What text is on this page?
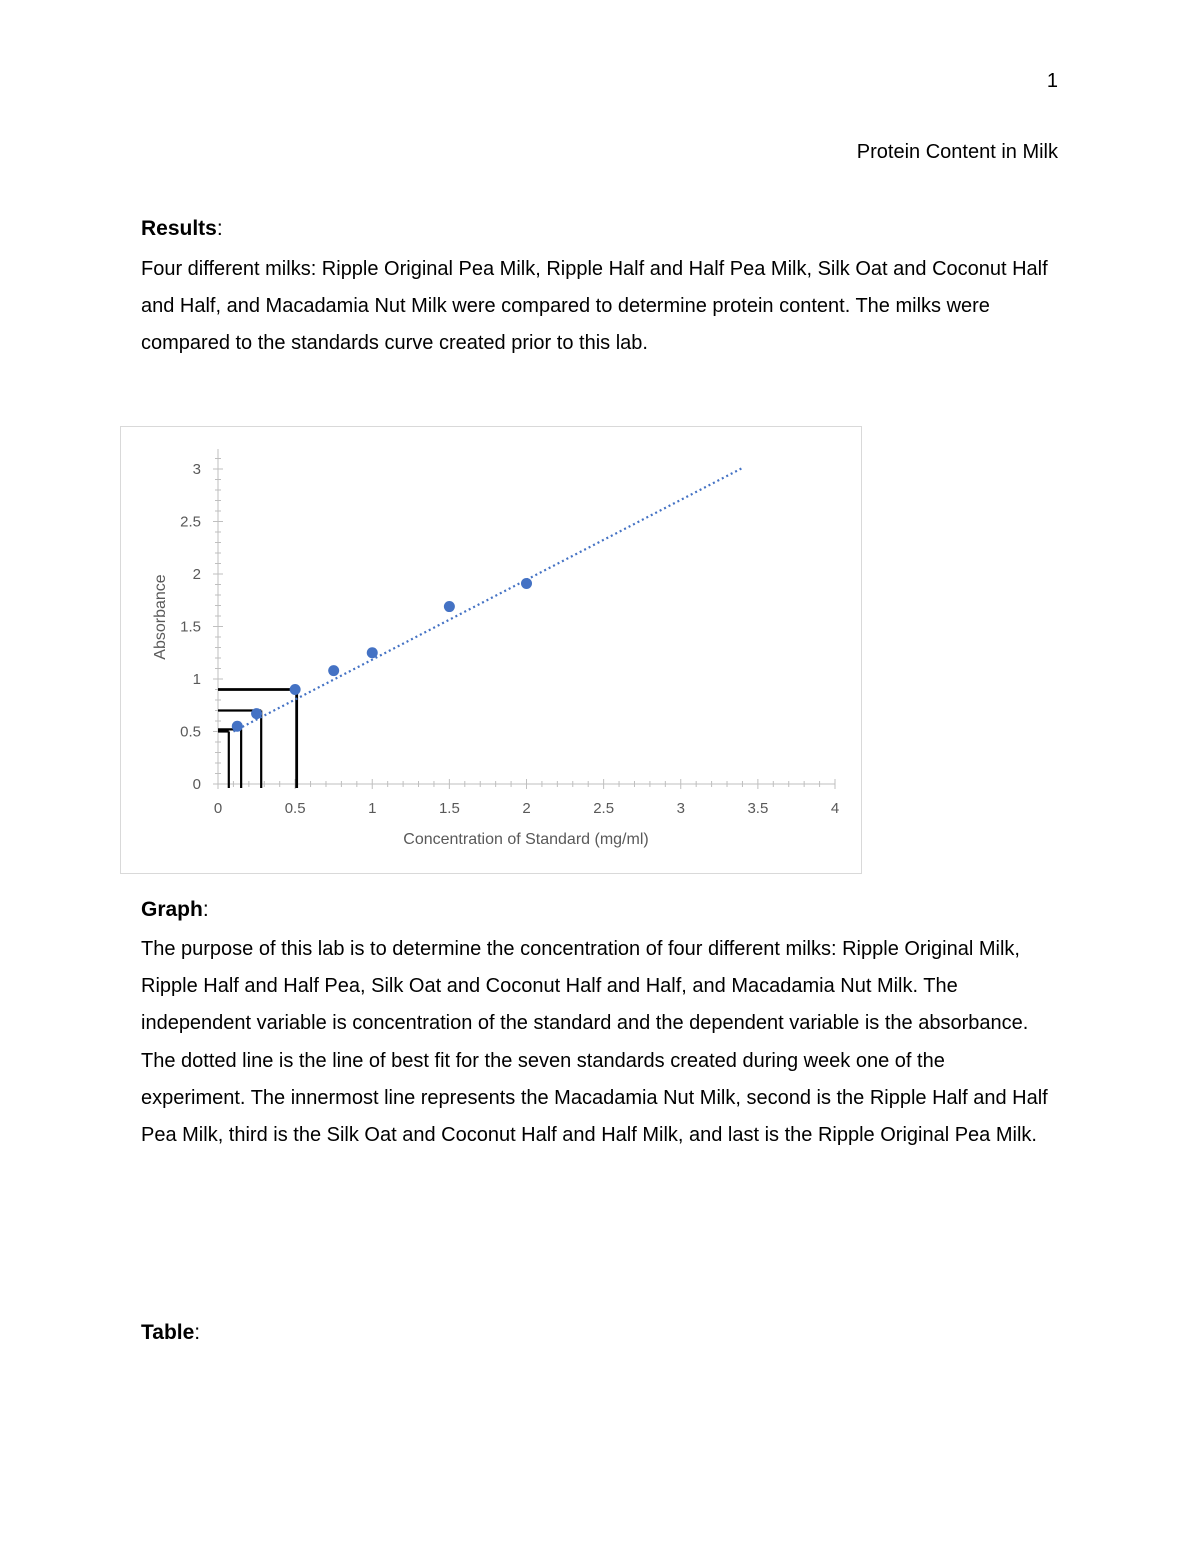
1
Protein Content in Milk
Results:

Four different milks: Ripple Original Pea Milk, Ripple Half and Half Pea Milk, Silk Oat and Coconut Half and Half, and Macadamia Nut Milk were compared to determine protein content. The milks were compared to the standards curve created prior to this lab.

0	0.5	1	1.5	2	2.5	3	3.5	4
0
0.5
1
1.5
2
2.5
3
Concentration of Standard (mg/ml)
Absorbance
Graph:

The purpose of this lab is to determine the concentration of four different milks: Ripple Original Milk, Ripple Half and Half Pea, Silk Oat and Coconut Half and Half, and Macadamia Nut Milk. The independent variable is concentration of the standard and the dependent variable is the absorbance. The dotted line is the line of best fit for the seven standards created during week one of the experiment. The innermost line represents the Macadamia Nut Milk, second is the Ripple Half and Half Pea Milk, third is the Silk Oat and Coconut Half and Half Milk, and last is the Ripple Original Pea Milk.

Table:
